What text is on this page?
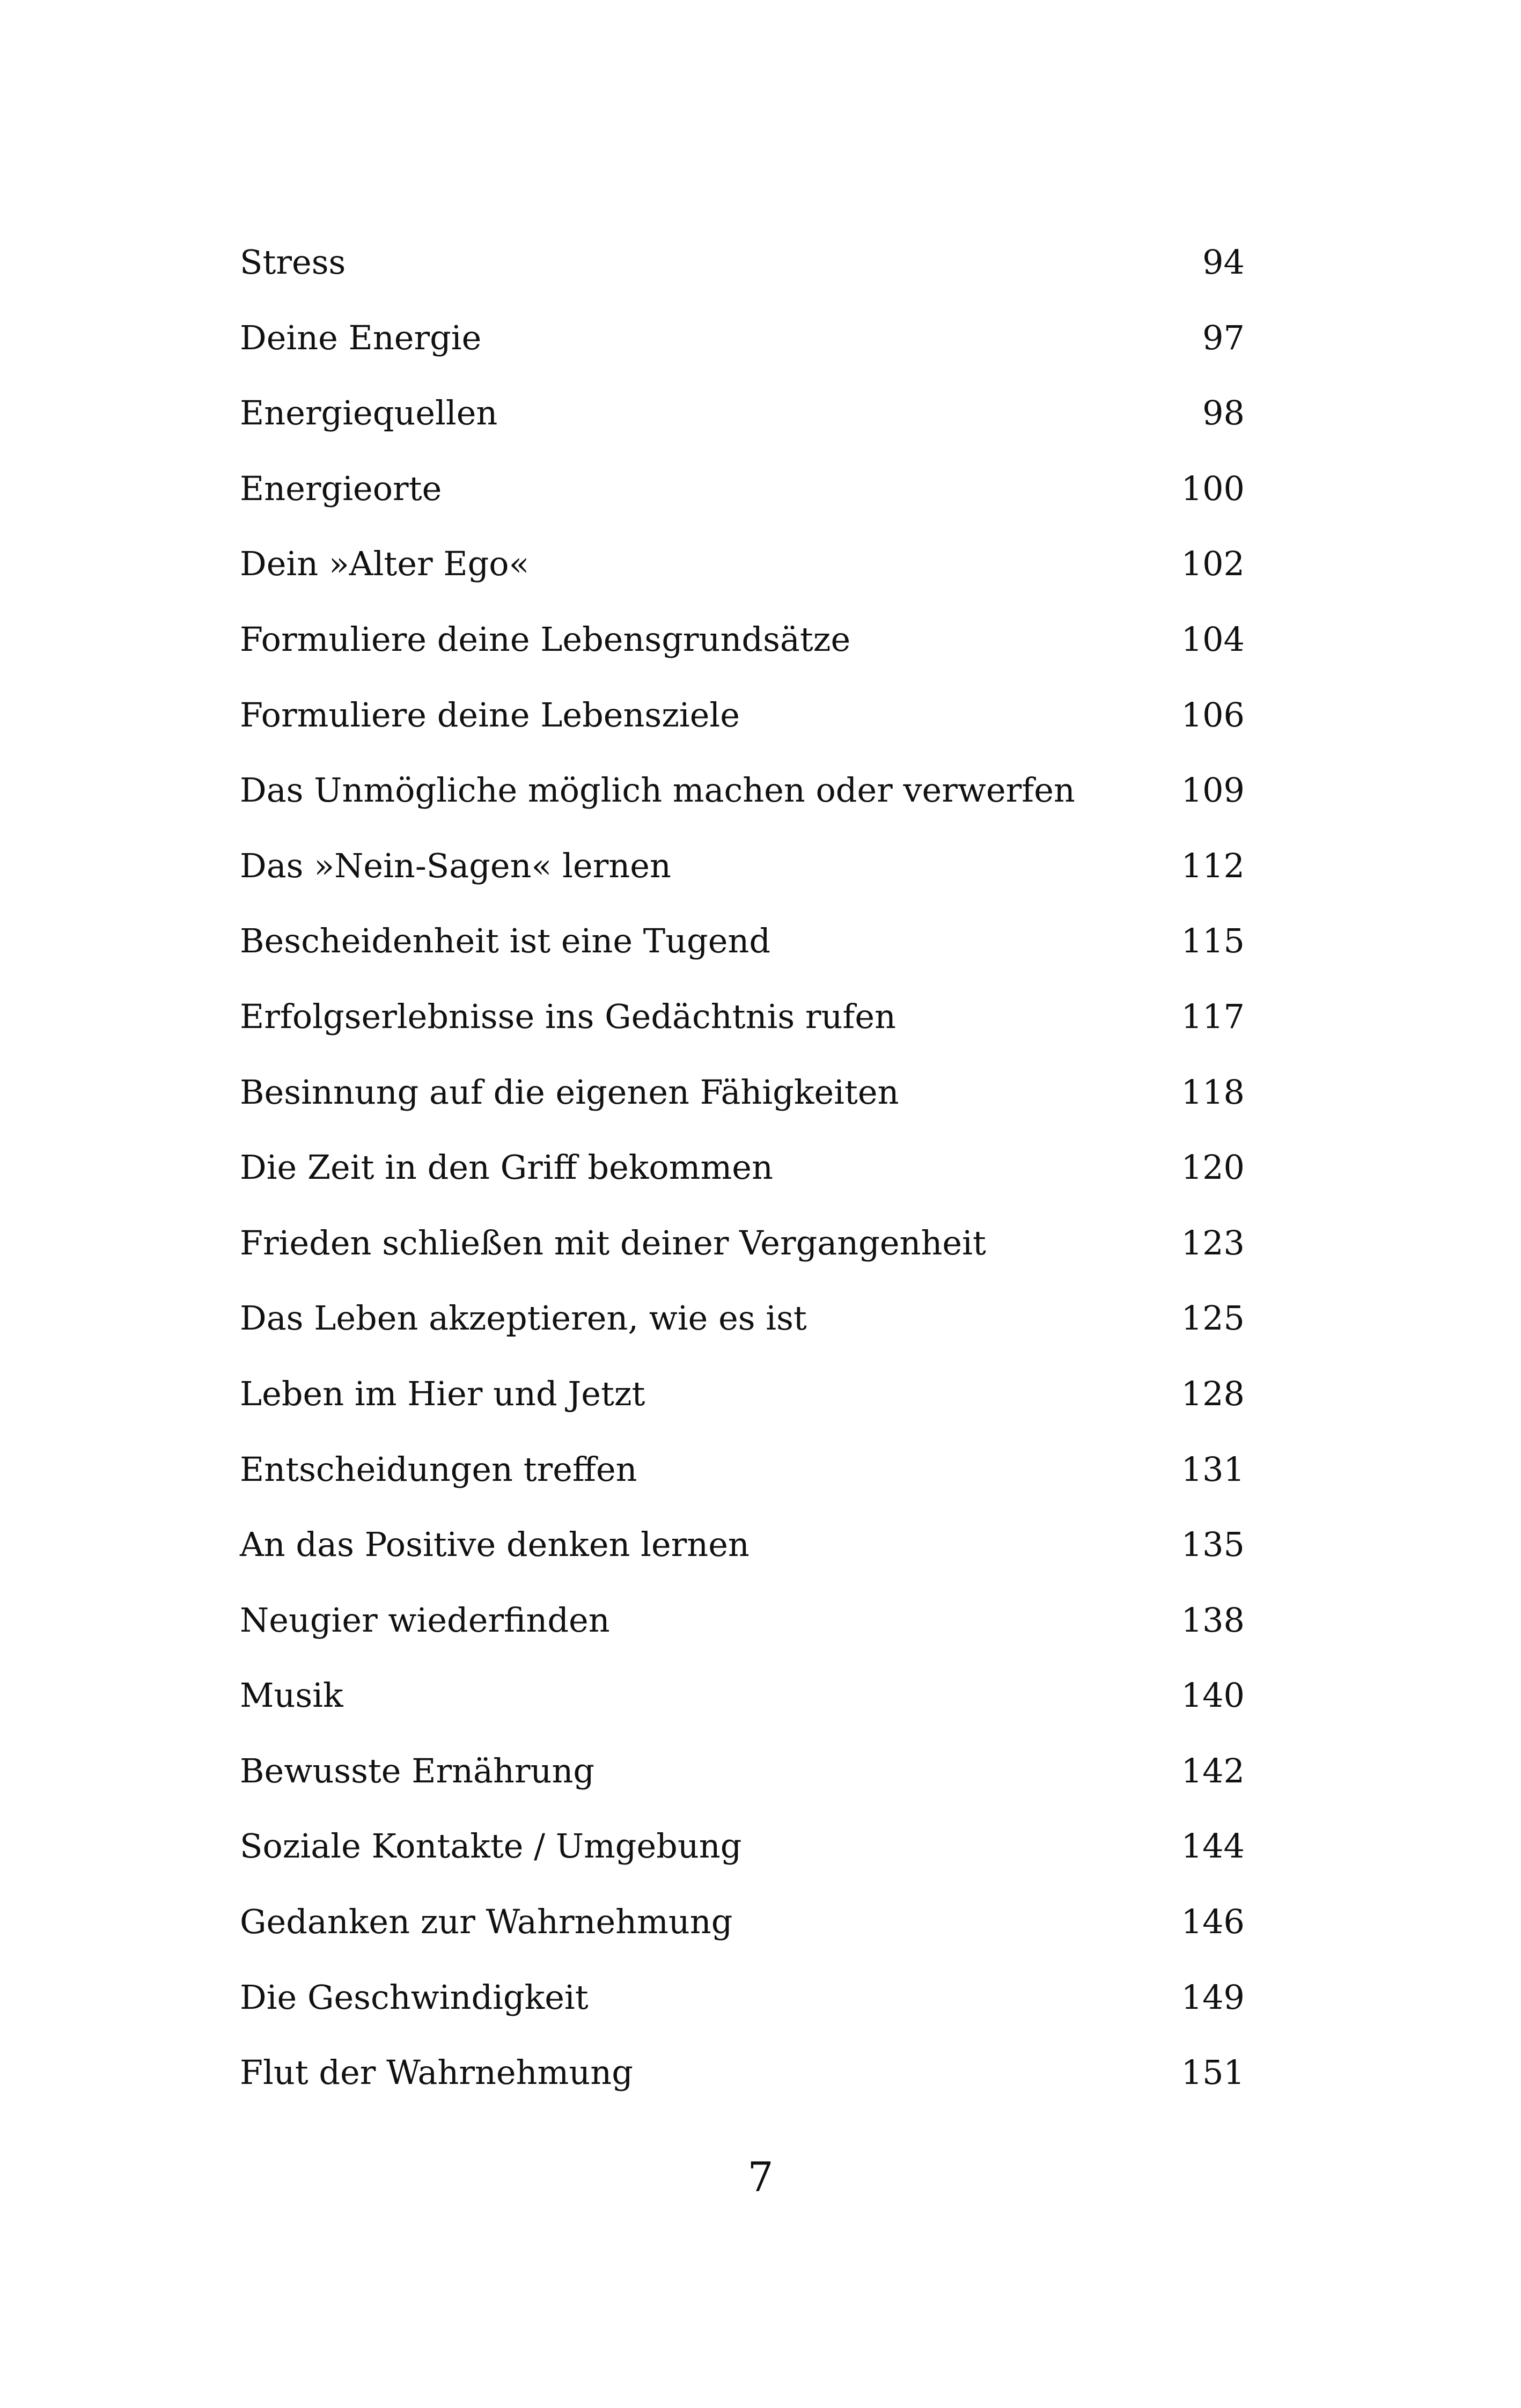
Stress	94
Deine Energie	97
Energiequellen	98
Energieorte	100
Dein »Alter Ego«	102
Formuliere deine Lebensgrundsätze	104
Formuliere deine Lebensziele	106
Das Unmögliche möglich machen oder verwerfen	109
Das »Nein-Sagen« lernen	112
Bescheidenheit ist eine Tugend	115
Erfolgserlebnisse ins Gedächtnis rufen	117
Besinnung auf die eigenen Fähigkeiten	118
Die Zeit in den Griff bekommen	120
Frieden schließen mit deiner Vergangenheit	123
Das Leben akzeptieren, wie es ist	125
Leben im Hier und Jetzt	128
Entscheidungen treffen	131
An das Positive denken lernen	135
Neugier wiederfinden	138
Musik	140
Bewusste Ernährung	142
Soziale Kontakte / Umgebung	144
Gedanken zur Wahrnehmung	146
Die Geschwindigkeit	149
Flut der Wahrnehmung	151
7
